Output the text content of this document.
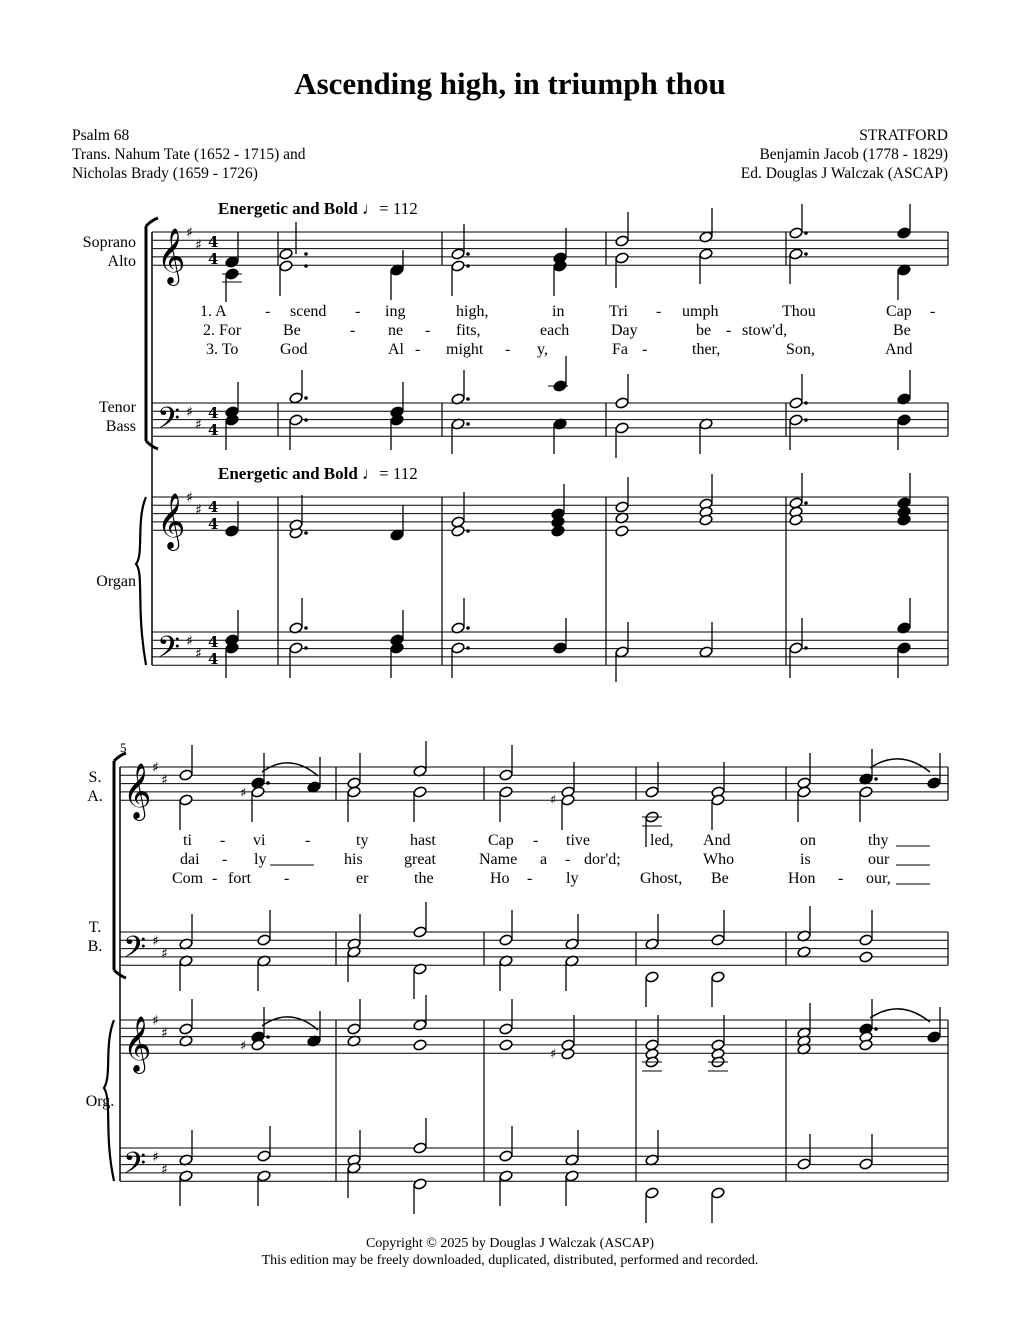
Ascending high, in triumph thou
Psalm 68
Trans. Nahum Tate (1652 - 1715) and
Nicholas Brady (1659 - 1726)
STRATFORD
Benjamin Jacob (1778 - 1829)
Ed. Douglas J Walczak (ASCAP)
𝄞
𝄢
𝄞
𝄢
♯
♯
♯
♯
♯
♯
♯
♯
4
4
4
4
4
4
4
4
𝄞
𝄢
𝄞
𝄢
♯
♯
♯
♯
♯
♯
♯
♯
♯	♯
♯
♯
Energetic and Bold ♩= 112
Energetic and Bold ♩= 112
Soprano
Alto
Tenor
Bass
Organ
5
S.
A.
T.
B.
Org.
1. A - scend - ing	high,	in	Tri - umph	Thou	Cap -
2. For	Be	- ne - fits,	each	Day	be - stow'd,	Be
3. To	God	Al - might - y,	Fa -	ther,	Son,	And
ti - vi -	ty	hast	Cap - tive	led, And	on	thy
dai - ly	his	great	Name a - dor'd;	Who	is	our
Com - fort -	er	the	Ho - ly	Ghost, Be	Hon - our,
Copyright © 2025 by Douglas J Walczak (ASCAP)
This edition may be freely downloaded, duplicated, distributed, performed and recorded.
